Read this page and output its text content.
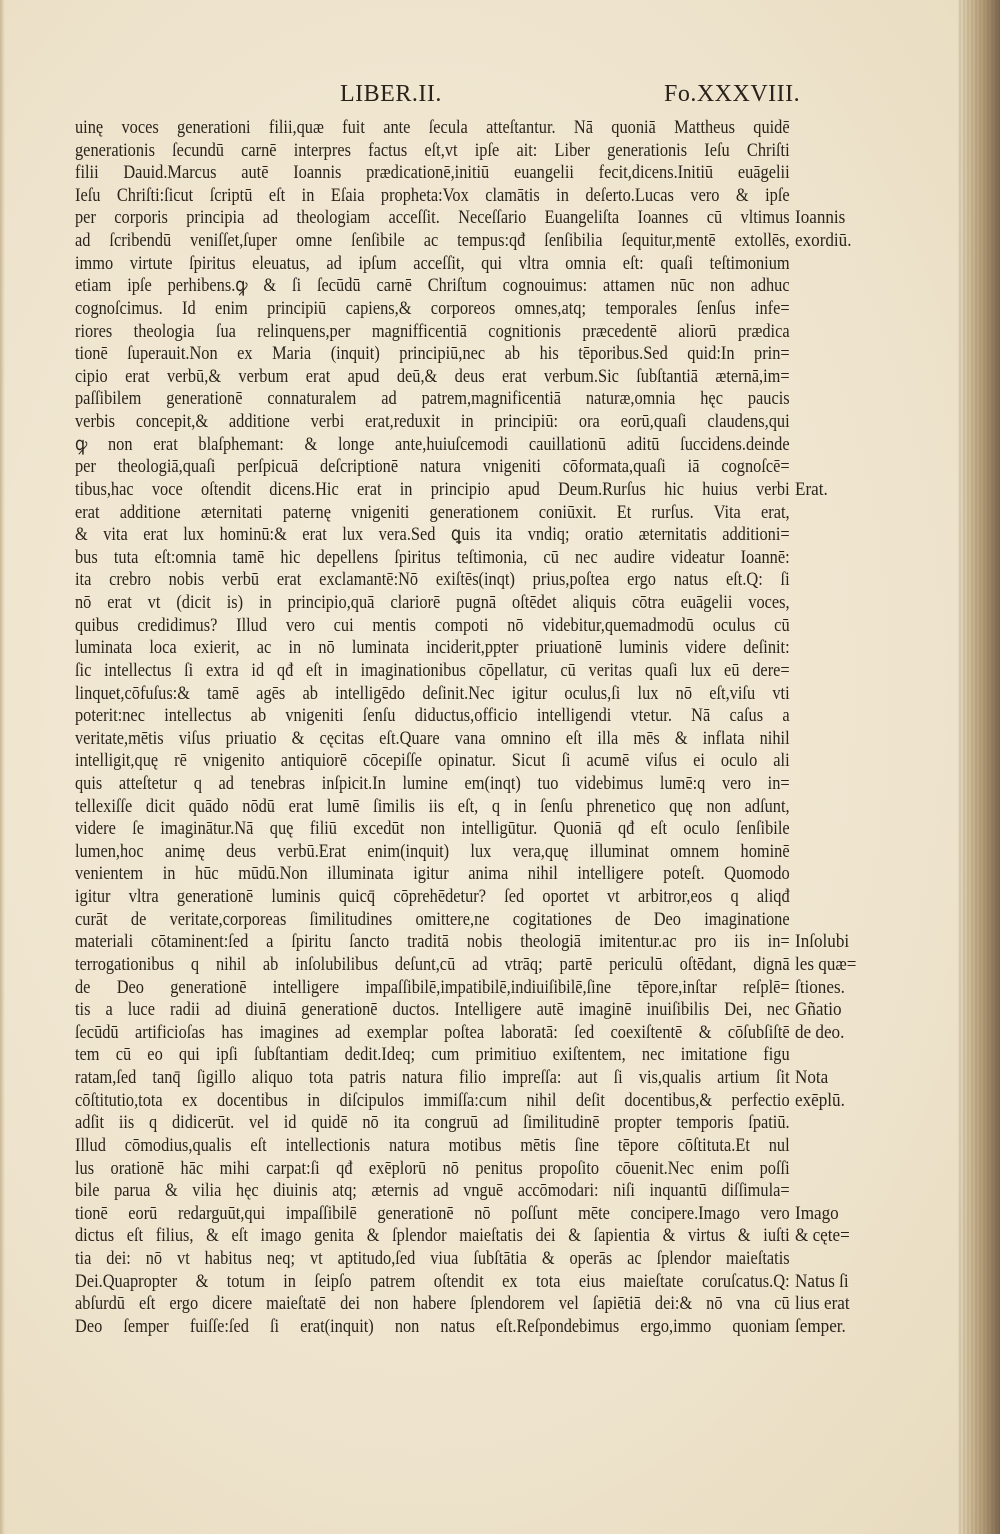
LIBER.II.	Fo.XXXVIII.
uinę voces generationi filii,quæ fuit ante ſecula atteſtantur. Nā quoniā Mattheus quidē
generationis ſecundū carnē interpres factus eſt,vt ipſe ait: Liber generationis Ieſu Chriſti
filii Dauid.Marcus autē Ioannis prædicationē,initiū euangelii fecit,dicens.Initiū euāgelii
Ieſu Chriſti:ſicut ſcriptū eſt in Eſaia propheta:Vox clamātis in deſerto.Lucas vero & ipſe
per corporis principia ad theologiam acceſſit. Neceſſario Euangeliſta Ioannes cū vltimus Ioannis
ad ſcribendū veniſſet,ſuper omne ſenſibile ac tempus:qđ ſenſibilia ſequitur,mentē extollēs, exordiū.
immo virtute ſpiritus eleuatus, ad ipſum acceſſit, qui vltra omnia eſt: quaſi teſtimonium
etiam ipſe perhibens.ꝙ & ſi ſecūdū carnē Chriſtum cognouimus: attamen nūc non adhuc
cognoſcimus. Id enim principiū capiens,& corporeos omnes,atq; temporales ſenſus infe=
riores theologia ſua relinquens,per magnifficentiā cognitionis præcedentē aliorū prædica
tionē ſuperauit.Non ex Maria (inquit) principiū,nec ab his tēporibus.Sed quid:In prin=
cipio erat verbū,& verbum erat apud deū,& deus erat verbum.Sic ſubſtantiā æternā,im=
paſſibilem generationē connaturalem ad patrem,magnificentiā naturæ,omnia hęc paucis
verbis concepit,& additione verbi erat,reduxit in principiū: ora eorū,quaſi claudens,qui
ꝙ non erat blaſphemant: & longe ante,huiuſcemodi cauillationū aditū ſuccidens.deinde
per theologiā,quaſi perſpicuā deſcriptionē natura vnigeniti cōformata,quaſi iā cognoſcē=
tibus,hac voce oſtendit dicens.Hic erat in principio apud Deum.Rurſus hic huius verbi Erat.
erat additione æternitati paternę vnigeniti generationem coniūxit. Et rurſus. Vita erat,
& vita erat lux hominū:& erat lux vera.Sed ꝗuis ita vndiq; oratio æternitatis additioni=
bus tuta eſt:omnia tamē hic depellens ſpiritus teſtimonia, cū nec audire videatur Ioannē:
ita crebro nobis verbū erat exclamantē:Nō exiſtēs(inqt) prius,poſtea ergo natus eſt.Q: ſi
nō erat vt (dicit is) in principio,quā clariorē pugnā oſtēdet aliquis cōtra euāgelii voces,
quibus credidimus? Illud vero cui mentis compoti nō videbitur,quemadmodū oculus cū
luminata loca exierit, ac in nō luminata inciderit,ppter priuationē luminis videre deſinit:
ſic intellectus ſi extra id qđ eſt in imaginationibus cōpellatur, cū veritas quaſi lux eū dere=
linquet,cōfuſus:& tamē agēs ab intelligēdo deſinit.Nec igitur oculus,ſi lux nō eſt,viſu vti
poterit:nec intellectus ab vnigeniti ſenſu diductus,officio intelligendi vtetur. Nā caſus a
veritate,mētis viſus priuatio & cęcitas eſt.Quare vana omnino eſt illa mēs & inflata nihil
intelligit,quę rē vnigenito antiquiorē cōcepiſſe opinatur. Sicut ſi acumē viſus ei oculo ali
quis atteſtetur q ad tenebras inſpicit.In lumine em(inqt) tuo videbimus lumē:q vero in=
tellexiſſe dicit quādo nōdū erat lumē ſimilis iis eſt, q in ſenſu phrenetico quę non adſunt,
videre ſe imaginātur.Nā quę filiū excedūt non intelligūtur. Quoniā qđ eſt oculo ſenſibile
lumen,hoc animę deus verbū.Erat enim(inquit) lux vera,quę illuminat omnem hominē
venientem in hūc mūdū.Non illuminata igitur anima nihil intelligere poteſt. Quomodo
igitur vltra generationē luminis quicq̄ cōprehēdetur? ſed oportet vt arbitror,eos q aliqđ
curāt de veritate,corporeas ſimilitudines omittere,ne cogitationes de Deo imaginatione
materiali cōtaminent:ſed a ſpiritu ſancto traditā nobis theologiā imitentur.ac pro iis in= Inſolubi
terrogationibus q nihil ab inſolubilibus deſunt,cū ad vtrāq; partē periculū oſtēdant, dignā les quæ=
de Deo generationē intelligere impaſſibilē,impatibilē,indiuiſibilē,ſine tēpore,inſtar reſplē= ſtiones.
tis a luce radii ad diuinā generationē ductos. Intelligere autē imaginē inuiſibilis Dei, nec Gñatio
ſecūdū artificioſas has imagines ad exemplar poſtea laboratā: ſed coexiſtentē & cōſubſiſtē de deo.
tem cū eo qui ipſi ſubſtantiam dedit.Ideq; cum primitiuo exiſtentem, nec imitatione figu
ratam,ſed tanq̄ ſigillo aliquo tota patris natura filio impreſſa: aut ſi vis,qualis artium ſit Nota
cōſtitutio,tota ex docentibus in diſcipulos immiſſa:cum nihil deſit docentibus,& perfectio exēplū.
adſit iis q didicerūt. vel id quidē nō ita congruū ad ſimilitudinē propter temporis ſpatiū.
Illud cōmodius,qualis eſt intellectionis natura motibus mētis ſine tēpore cōſtituta.Et nul
lus orationē hāc mihi carpat:ſi qđ exēplorū nō penitus propoſito cōuenit.Nec enim poſſi
bile parua & vilia hęc diuinis atq; æternis ad vnguē accōmodari: niſi inquantū diſſimula=
tionē eorū redarguūt,qui impaſſibilē generationē nō poſſunt mēte concipere.Imago vero Imago
dictus eſt filius, & eſt imago genita & ſplendor maieſtatis dei & ſapientia & virtus & iuſti & cęte=
tia dei: nō vt habitus neq; vt aptitudo,ſed viua ſubſtātia & operās ac ſplendor maieſtatis
Dei.Quapropter & totum in ſeipſo patrem oſtendit ex tota eius maieſtate coruſcatus.Q: Natus ſi
abſurdū eſt ergo dicere maieſtatē dei non habere ſplendorem vel ſapiētiā dei:& nō vna cū lius erat
Deo ſemper fuiſſe:ſed ſi erat(inquit) non natus eſt.Reſpondebimus ergo,immo quoniam ſemper.
